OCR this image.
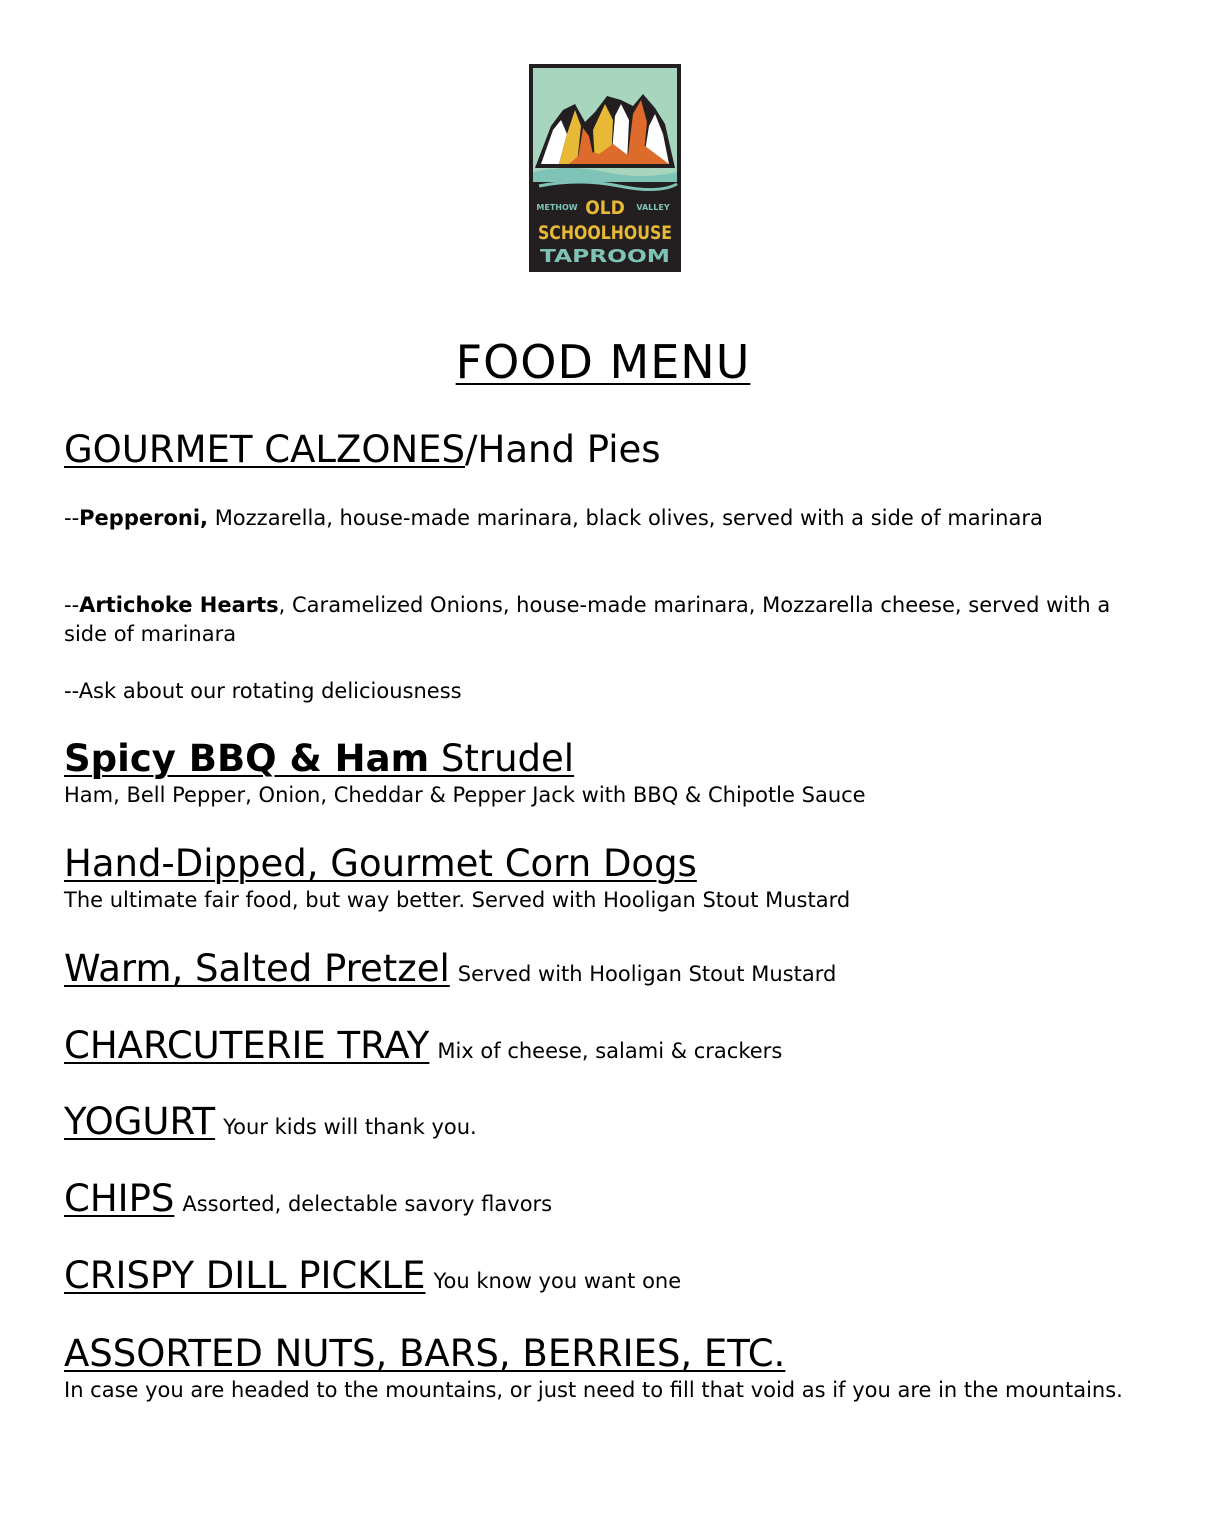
METHOW OLD VALLEY
SCHOOLHOUSE
TAPROOM
FOOD MENU
GOURMET CALZONES/Hand Pies
--Pepperoni, Mozzarella, house-made marinara, black olives, served with a side of marinara
--Artichoke Hearts, Caramelized Onions, house-made marinara, Mozzarella cheese, served with a side of marinara
--Ask about our rotating deliciousness
Spicy BBQ & Ham Strudel
Ham, Bell Pepper, Onion, Cheddar & Pepper Jack with BBQ & Chipotle Sauce
Hand-Dipped, Gourmet Corn Dogs
The ultimate fair food, but way better. Served with Hooligan Stout Mustard
Warm, Salted Pretzel Served with Hooligan Stout Mustard
CHARCUTERIE TRAY Mix of cheese, salami & crackers
YOGURT Your kids will thank you.
CHIPS Assorted, delectable savory flavors
CRISPY DILL PICKLE You know you want one
ASSORTED NUTS, BARS, BERRIES, ETC.
In case you are headed to the mountains, or just need to fill that void as if you are in the mountains.
